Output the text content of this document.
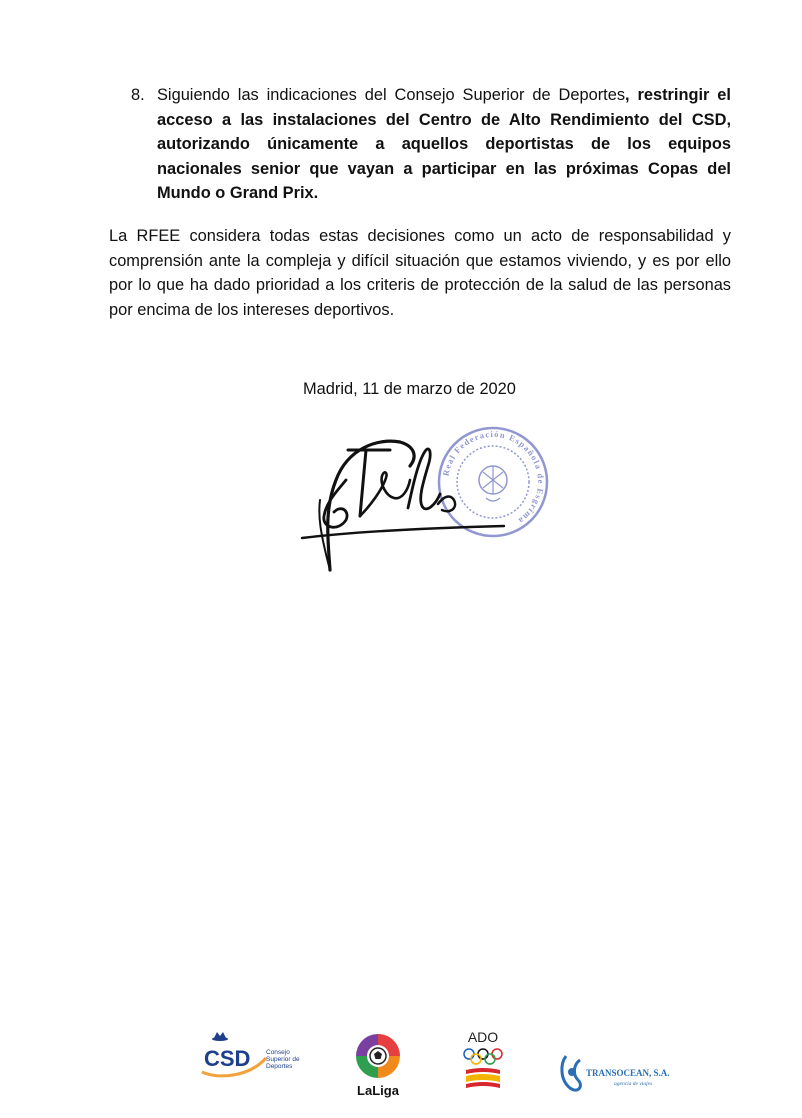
8. Siguiendo las indicaciones del Consejo Superior de Deportes, restringir el acceso a las instalaciones del Centro de Alto Rendimiento del CSD, autorizando únicamente a aquellos deportistas de los equipos nacionales senior que vayan a participar en las próximas Copas del Mundo o Grand Prix.
La RFEE considera todas estas decisiones como un acto de responsabilidad y comprensión ante la compleja y difícil situación que estamos viviendo, y es por ello por lo que ha dado prioridad a los criteris de protección de la salud de las personas por encima de los intereses deportivos.
Madrid, 11 de marzo de 2020
Real Federación Española de Esgrima
CSD Consejo
Superior de
Deportes
LaLiga
ADO
TRANSOCEAN, S.A.
agencia de viajes
